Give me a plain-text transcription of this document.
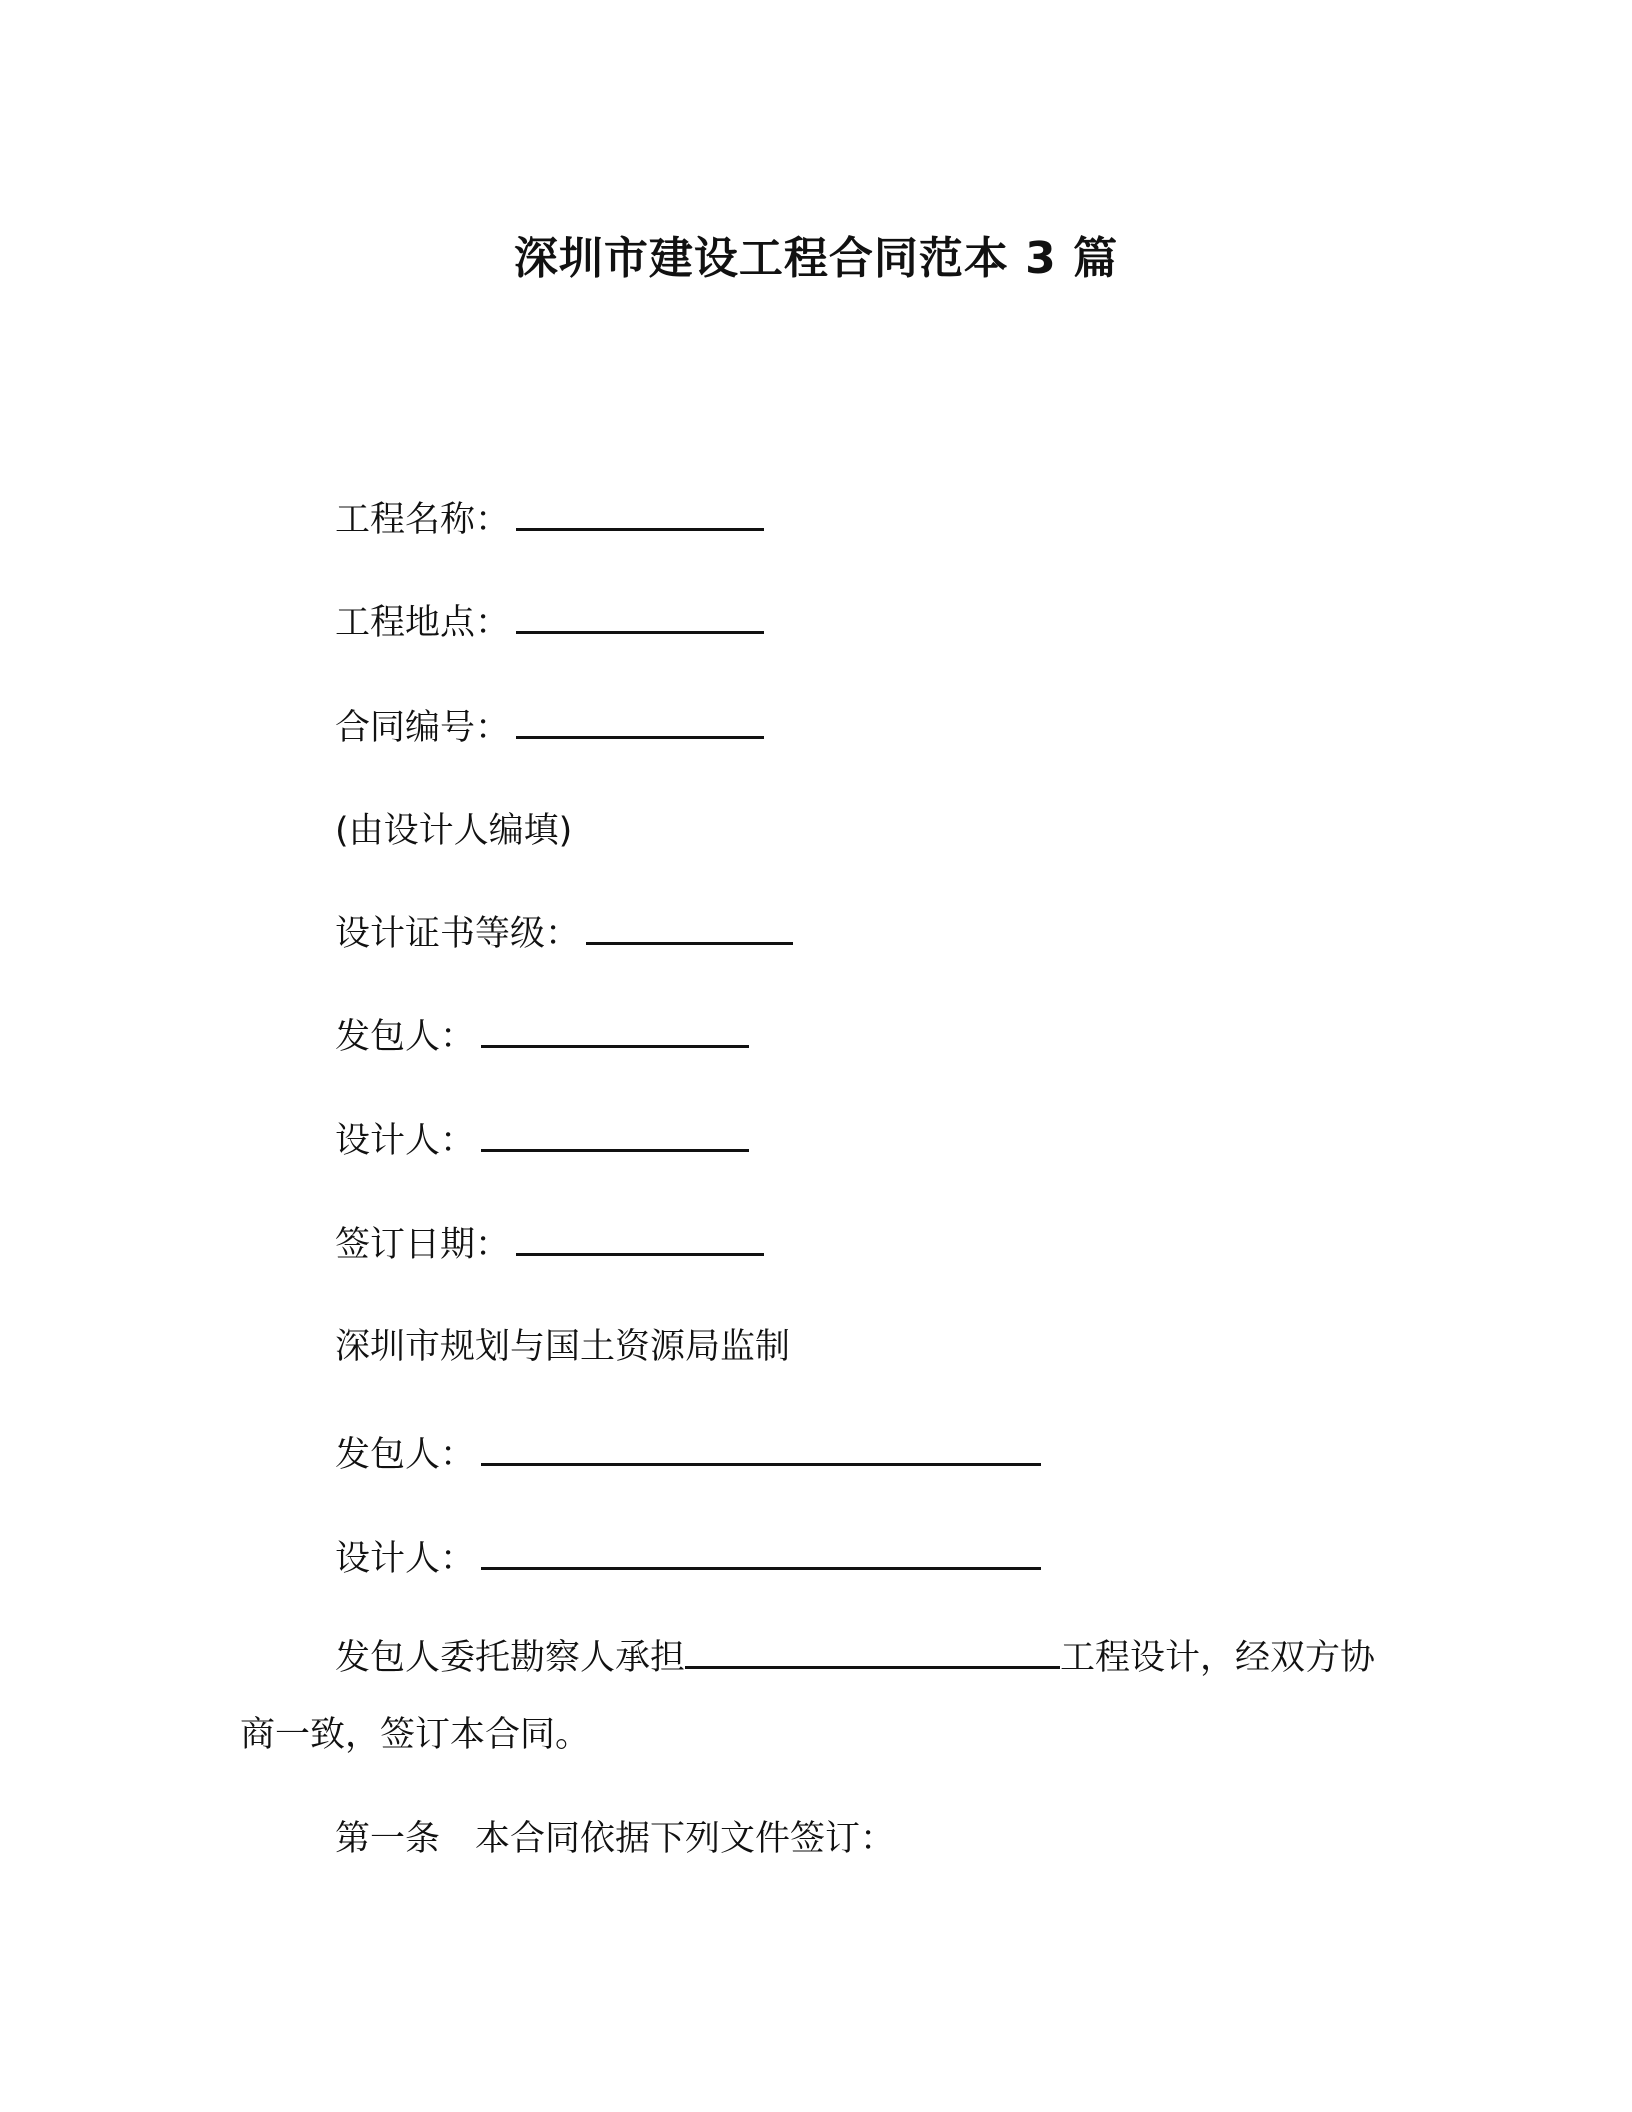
深圳市建设工程合同范本 3 篇
工程名称：
工程地点：
合同编号：
(由设计人编填)
设计证书等级：
发包人：
设计人：
签订日期：
深圳市规划与国土资源局监制
发包人：
设计人：
发包人委托勘察人承担	工程设计，经双方协商一致，签订本合同。
第一条　本合同依据下列文件签订：
